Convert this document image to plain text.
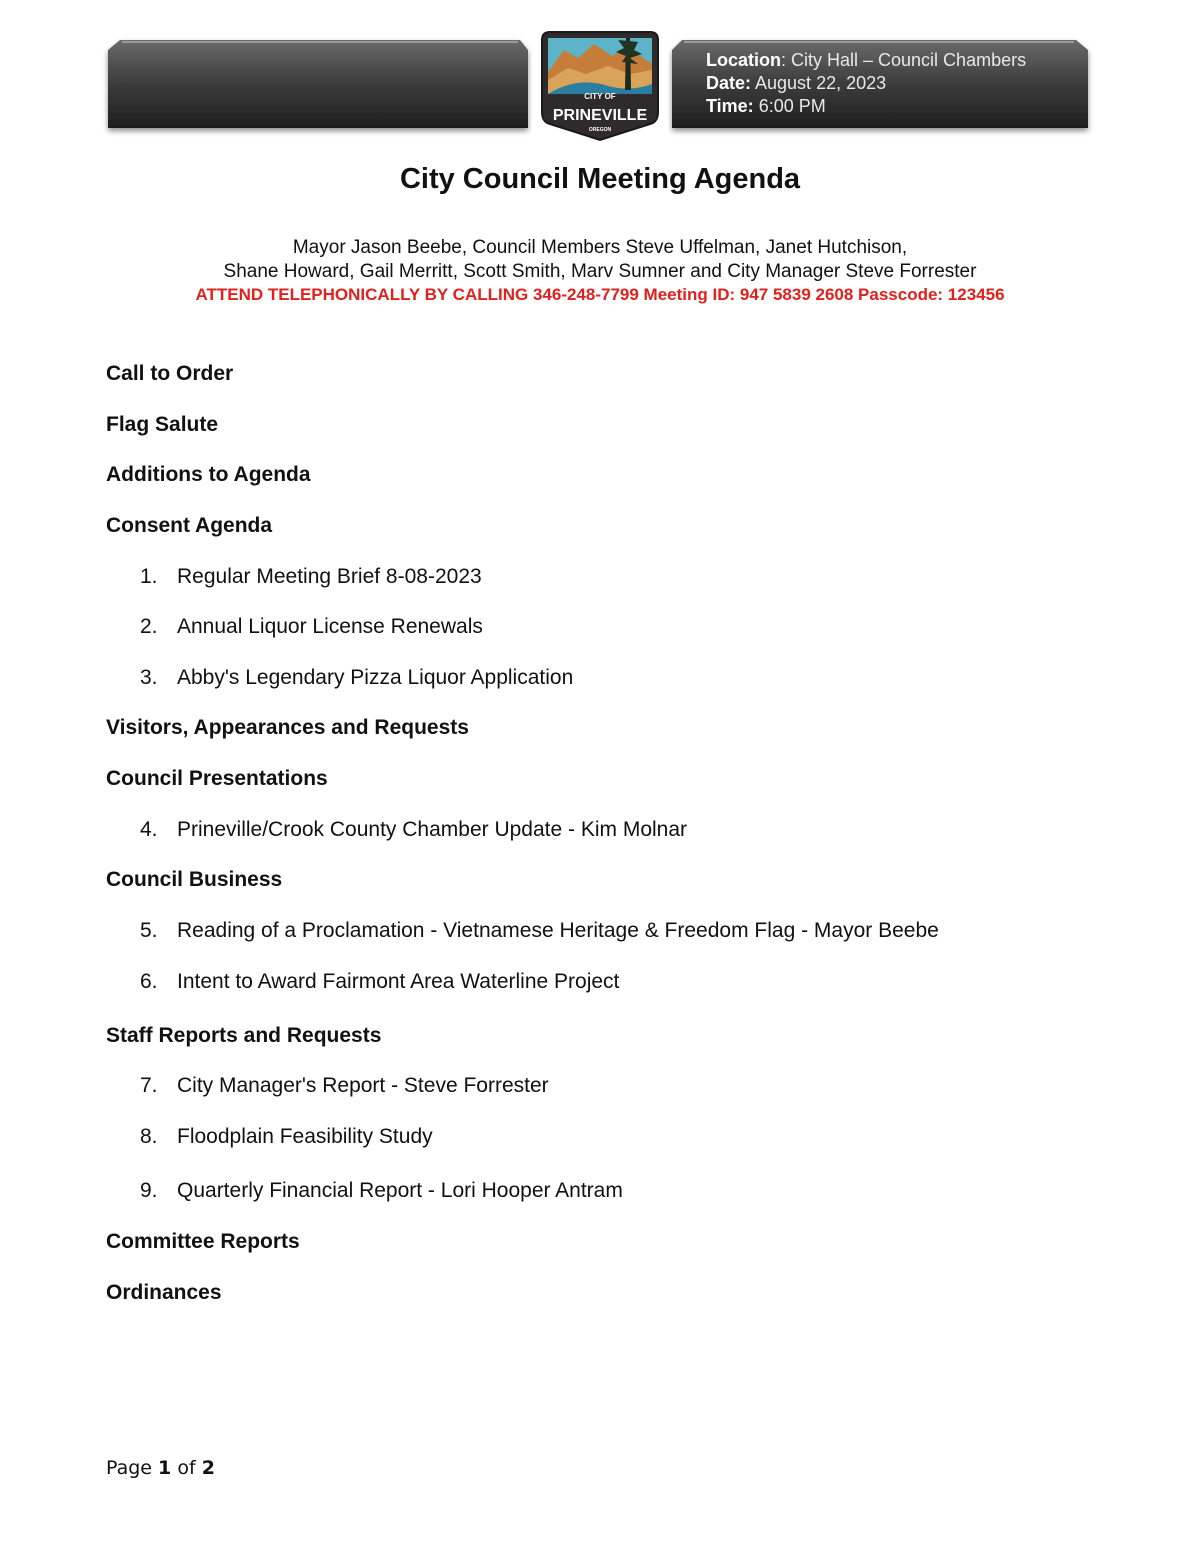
Location: City Hall – Council Chambers
Date: August 22, 2023
Time: 6:00 PM
CITY OF
PRINEVILLE
OREGON
City Council Meeting Agenda
Mayor Jason Beebe, Council Members Steve Uffelman, Janet Hutchison,
Shane Howard, Gail Merritt, Scott Smith, Marv Sumner and City Manager Steve Forrester
ATTEND TELEPHONICALLY BY CALLING 346-248-7799 Meeting ID: 947 5839 2608 Passcode: 123456
Call to Order
Flag Salute
Additions to Agenda
Consent Agenda
1. Regular Meeting Brief 8-08-2023
2. Annual Liquor License Renewals
3. Abby's Legendary Pizza Liquor Application
Visitors, Appearances and Requests
Council Presentations
4. Prineville/Crook County Chamber Update - Kim Molnar
Council Business
5. Reading of a Proclamation - Vietnamese Heritage & Freedom Flag - Mayor Beebe
6. Intent to Award Fairmont Area Waterline Project
Staff Reports and Requests
7. City Manager's Report - Steve Forrester
8. Floodplain Feasibility Study
9. Quarterly Financial Report - Lori Hooper Antram
Committee Reports
Ordinances
Page 1 of 2
